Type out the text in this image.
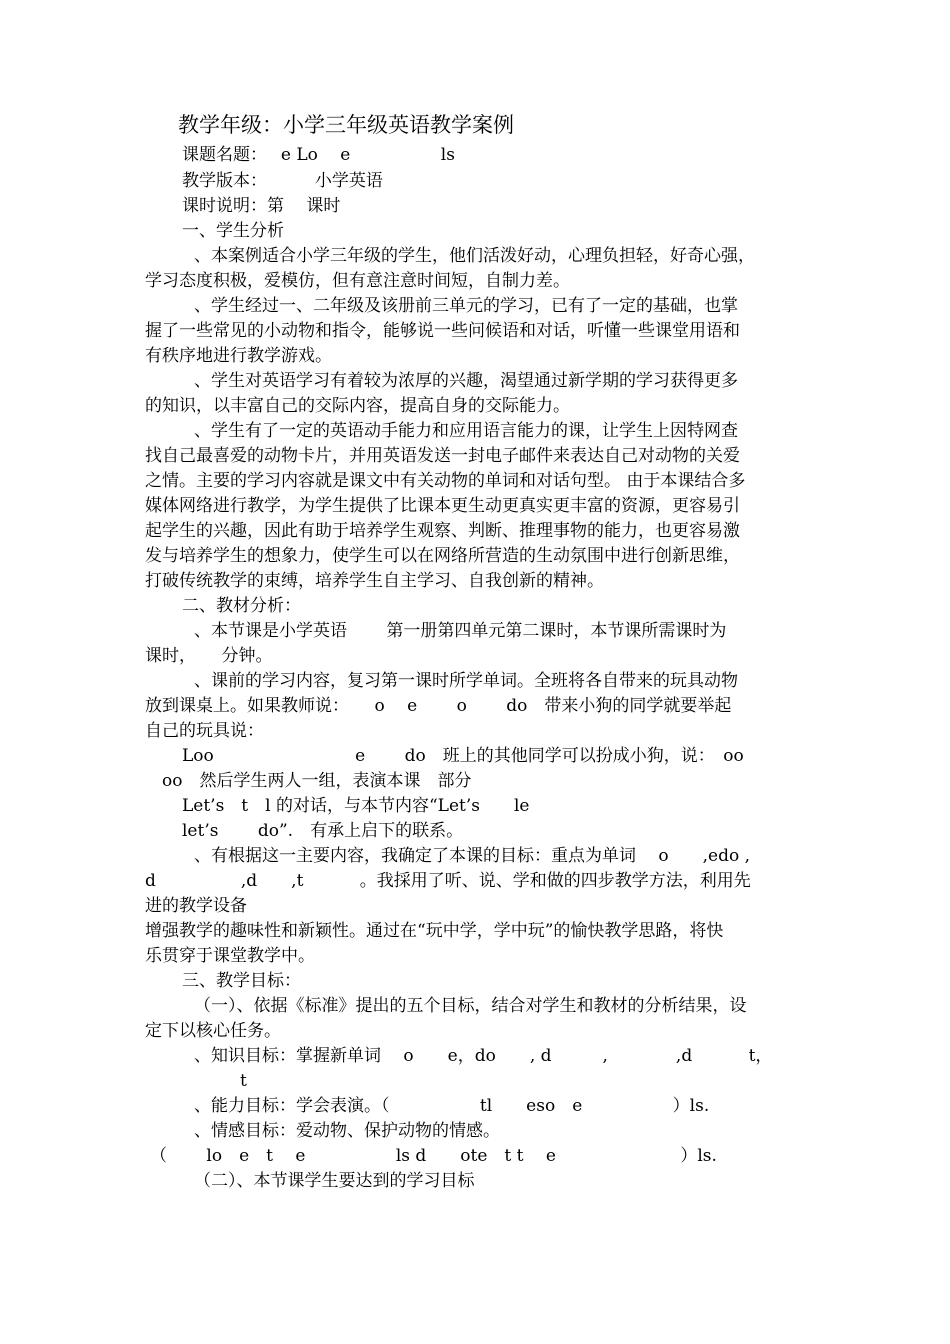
教学年级：小学三年级英语教学案例
课题名题：　 e Lo　 e　　　　　 ls
教学版本：　　　 小学英语
课时说明：第　 课时
一、学生分析
、本案例适合小学三年级的学生，他们活泼好动，心理负担轻，好奇心强，
学习态度积极，爱模仿，但有意注意时间短，自制力差。
、学生经过一、二年级及该册前三单元的学习，已有了一定的基础，也掌
握了一些常见的小动物和指令，能够说一些问候语和对话，听懂一些课堂用语和
有秩序地进行教学游戏。
、学生对英语学习有着较为浓厚的兴趣，渴望通过新学期的学习获得更多
的知识，以丰富自己的交际内容，提高自身的交际能力。
、学生有了一定的英语动手能力和应用语言能力的课，让学生上因特网查
找自己最喜爱的动物卡片，并用英语发送一封电子邮件来表达自己对动物的关爱
之情。主要的学习内容就是课文中有关动物的单词和对话句型。 由于本课结合多
媒体网络进行教学，为学生提供了比课本更生动更真实更丰富的资源，更容易引
起学生的兴趣，因此有助于培养学生观察、判断、推理事物的能力，也更容易激
发与培养学生的想象力，使学生可以在网络所营造的生动氛围中进行创新思维，
打破传统教学的束缚，培养学生自主学习、自我创新的精神。
二、教材分析：
、本节课是小学英语　　 第一册第四单元第二课时，本节课所需课时为
课时，　　分钟。
、课前的学习内容，复习第一课时所学单词。全班将各自带来的玩具动物
放到课桌上。如果教师说：　　o　 e　　 o　　 do　带来小狗的同学就要举起
自己的玩具说：
Loo　　　　　　　　 e　　 do　班上的其他同学可以扮成小狗，说：　oo
oo　然后学生两人一组，表演本课　部分
Let’s　t　l 的对话，与本节内容“Let’s　　le
let’s　　 do”.　有承上启下的联系。
、有根据这一主要内容，我确定了本课的目标：重点为单词　 o　　,edo ,
d　　　　　,d　　,t　　　 。我採用了听、说、学和做的四步教学方法，利用先
进的教学设备
增强教学的趣味性和新颖性。通过在“玩中学，学中玩”的愉快教学思路，将快
乐贯穿于课堂教学中。
三、教学目标：
（一）、依据《标准》提出的五个目标，结合对学生和教材的分析结果，设
定下以核心任务。
、知识目标：掌握新单词　 o　　e，do　　, d　　　,　　　　,d　　　 t，
t
、能力目标：学会表演。（　　　　　 tl　　eso　e　　　　　 ）ls.
、情感目标：爱动物、保护动物的情感。
（　　 lo　e　t　 e　　　　　 ls d　　ote　t t　 e　　　　　　　 ）ls.
（二）、本节课学生要达到的学习目标
